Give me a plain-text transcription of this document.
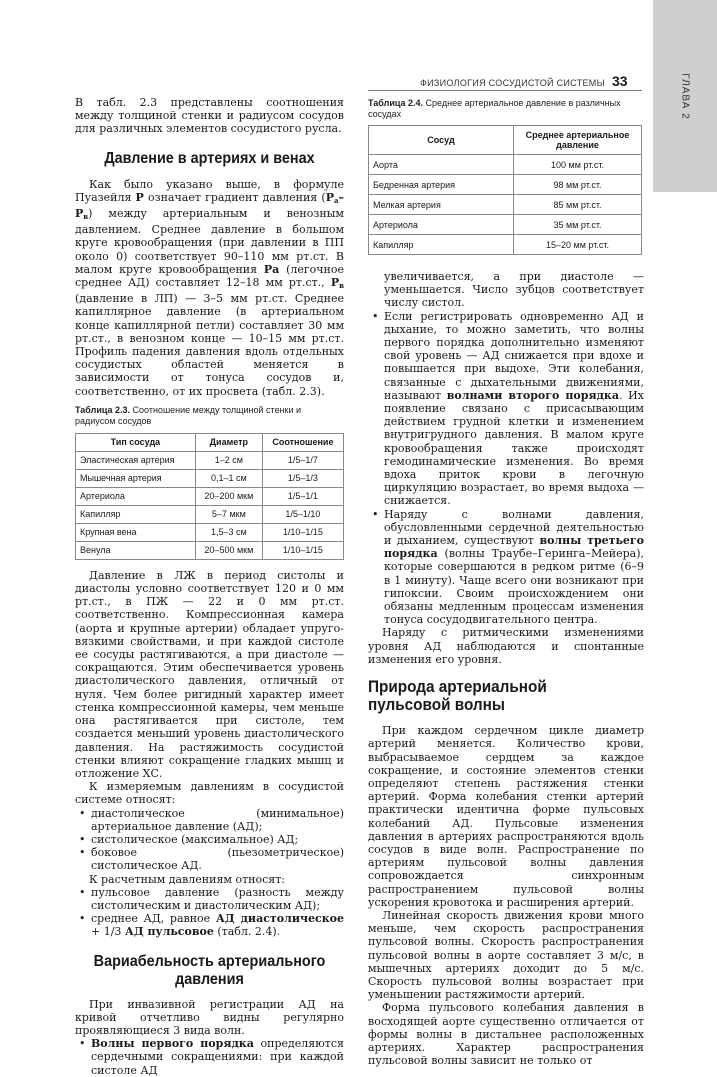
ГЛАВА 2
ФИЗИОЛОГИЯ СОСУДИСТОЙ СИСТЕМЫ 33

В табл. 2.3 представлены соотношения между толщиной стенки и радиусом сосудов для различных элементов сосудистого русла.

Давление в артериях и венах

Как было указано выше, в формуле Пуазейля P означает градиент давления $(P_а-P_в)$ между артериальным и венозным давлением. Среднее давление в большом круге кровообращения (при давлении в ПП около 0) соответствует 90–110 мм рт.ст. В малом круге кровообращения Ра (легочное среднее АД) составляет 12–18 мм рт.ст., $P_в$ (давление в ЛП) — 3–5 мм рт.ст. Среднее капиллярное давление (в артериальном конце капиллярной петли) составляет 30 мм рт.ст., в венозном конце — 10–15 мм рт.ст. Профиль падения давления вдоль отдельных сосудистых областей меняется в зависимости от тонуса сосудов и, соответственно, от их просвета (табл. 2.3).

Таблица 2.3. Соотношение между толщиной стенки и радиусом сосудов
Тип сосуда	Диаметр	Соотношение
Эластическая артерия	1–2 см	1/5–1/7
Мышечная артерия	0,1–1 см	1/5–1/3
Артериола	20–200 мкм	1/5–1/1
Капилляр	5–7 мкм	1/5–1/10
Крупная вена	1,5–3 см	1/10–1/15
Венула	20–500 мкм	1/10–1/15

Давление в ЛЖ в период систолы и диастолы условно соответствует 120 и 0 мм рт.ст., в ПЖ — 22 и 0 мм рт.ст. соответственно. Компрессионная камера (аорта и крупные артерии) обладает упруго-вязкими свойствами, и при каждой систоле ее сосуды растягиваются, а при диастоле — сокращаются. Этим обеспечивается уровень диастолического давления, отличный от нуля. Чем более ригидный характер имеет стенка компрессионной камеры, чем меньше она растягивается при систоле, тем создается меньший уровень диастолического давления. На растяжимость сосудистой стенки влияют сокращение гладких мышц и отложение ХС.

К измеряемым давлениям в сосудистой системе относят:

• диастолическое (минимальное) артериальное давление (АД);
• систолическое (максимальное) АД;
• боковое (пьезометрическое) систолическое АД.

К расчетным давлениям относят:

• пульсовое давление (разность между систолическим и диастолическим АД);
• среднее АД, равное АД диастолическое + 1/3 АД пульсовое (табл. 2.4).
Вариабельность артериального
давления

При инвазивной регистрации АД на кривой отчетливо видны регулярно проявляющиеся 3 вида волн.

• Волны первого порядка определяются сердечными сокращениями: при каждой систоле АД
Таблица 2.4. Среднее артериальное давление в различных сосудах
Сосуд	Среднее артериальное давление
Аорта	100 мм рт.ст.
Бедренная артерия	98 мм рт.ст.
Мелкая артерия	85 мм рт.ст.
Артериола	35 мм рт.ст.
Капилляр	15–20 мм рт.ст.

увеличивается, а при диастоле — уменьшается. Число зубцов соответствует числу систол.

• Если регистрировать одновременно АД и дыхание, то можно заметить, что волны первого порядка дополнительно изменяют свой уровень — АД снижается при вдохе и повышается при выдохе. Эти колебания, связанные с дыхательными движениями, называют волнами второго порядка. Их появление связано с присасывающим действием грудной клетки и изменением внутригрудного давления. В малом круге кровообращения также происходят гемодинамические изменения. Во время вдоха приток крови в легочную циркуляцию возрастает, во время выдоха — снижается.
• Наряду с волнами давления, обусловленными сердечной деятельностью и дыханием, существуют волны третьего порядка (волны Траубе–Геринга–Мейера), которые совершаются в редком ритме (6–9 в 1 минуту). Чаще всего они возникают при гипоксии. Своим происхождением они обязаны медленным процессам изменения тонуса сосудодвигательного центра.

Наряду с ритмическими изменениями уровня АД наблюдаются и спонтанные изменения его уровня.

Природа артериальной пульсовой волны

При каждом сердечном цикле диаметр артерий меняется. Количество крови, выбрасываемое сердцем за каждое сокращение, и состояние элементов стенки определяют степень растяжения стенки артерий. Форма колебания стенки артерий практически идентична форме пульсовых колебаний АД. Пульсовые изменения давления в артериях распространяются вдоль сосудов в виде волн. Распространение по артериям пульсовой волны давления сопровождается синхронным распространением пульсовой волны ускорения кровотока и расширения артерий.

Линейная скорость движения крови много меньше, чем скорость распространения пульсовой волны. Скорость распространения пульсовой волны в аорте составляет 3 м/с, в мышечных артериях доходит до 5 м/с. Скорость пульсовой волны возрастает при уменьшении растяжимости артерий.

Форма пульсового колебания давления в восходящей аорте существенно отличается от формы волны в дистальнее расположенных артериях. Характер распространения пульсовой волны зависит не только от
